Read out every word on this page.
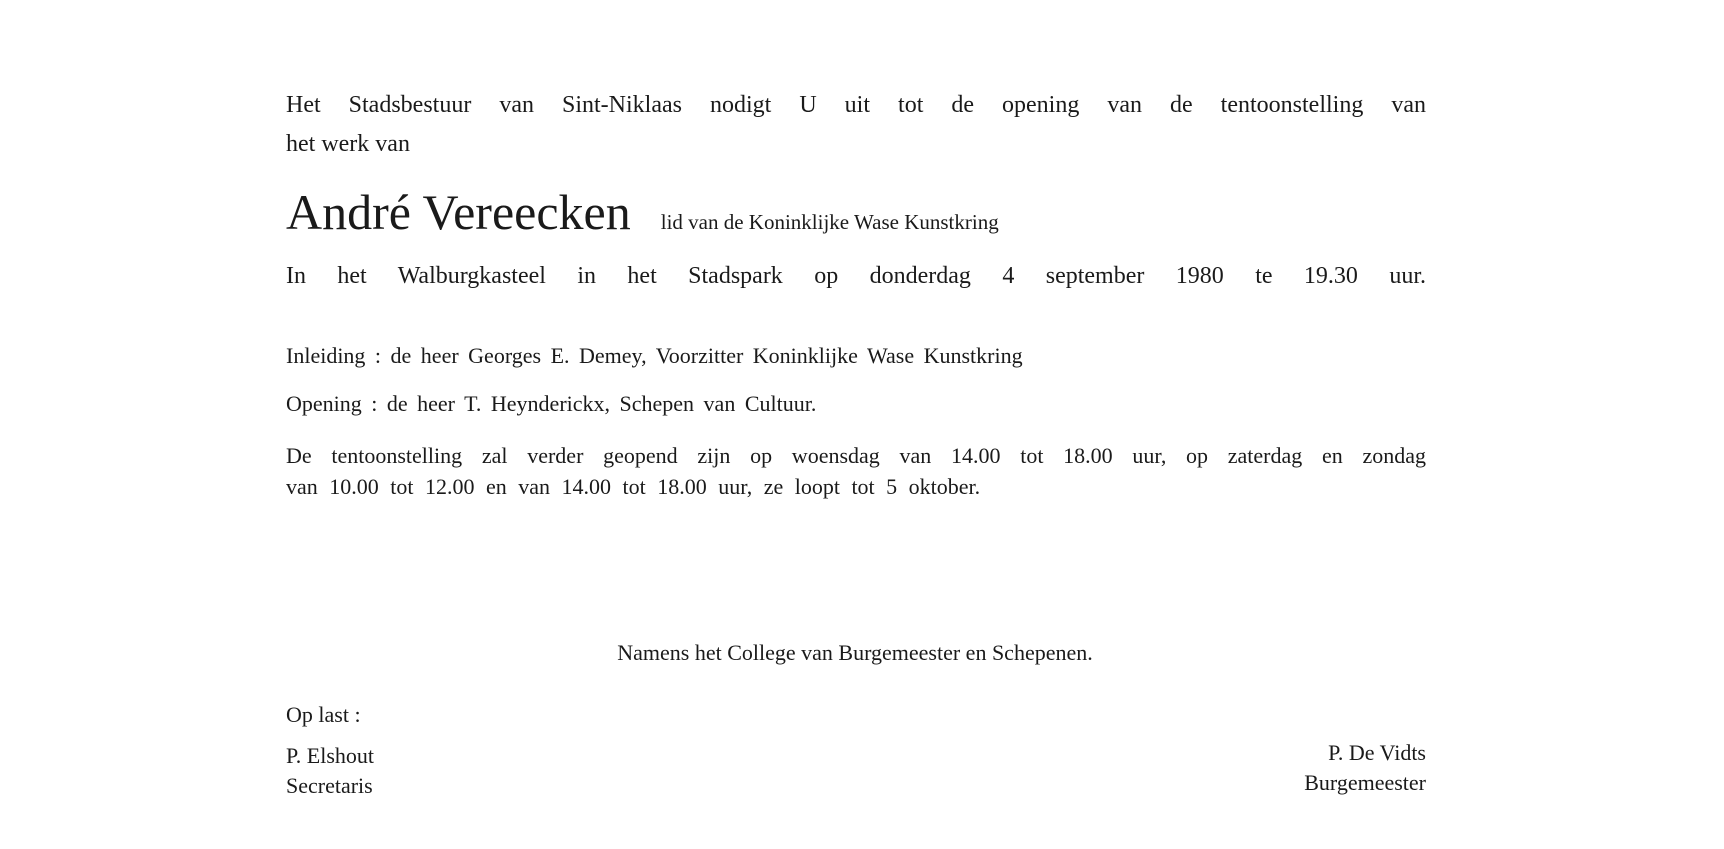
Het Stadsbestuur van Sint-Niklaas nodigt U uit tot de opening van de tentoonstelling van
het werk van
André Vereecken lid van de Koninklijke Wase Kunstkring
In het Walburgkasteel in het Stadspark op donderdag 4 september 1980 te 19.30 uur.
Inleiding : de heer Georges E. Demey, Voorzitter Koninklijke Wase Kunstkring
Opening : de heer T. Heynderickx, Schepen van Cultuur.
De tentoonstelling zal verder geopend zijn op woensdag van 14.00 tot 18.00 uur, op zaterdag en zondag
van 10.00 tot 12.00 en van 14.00 tot 18.00 uur, ze loopt tot 5 oktober.
Namens het College van Burgemeester en Schepenen.
Op last :
P. Elshout
Secretaris
P. De Vidts
Burgemeester
